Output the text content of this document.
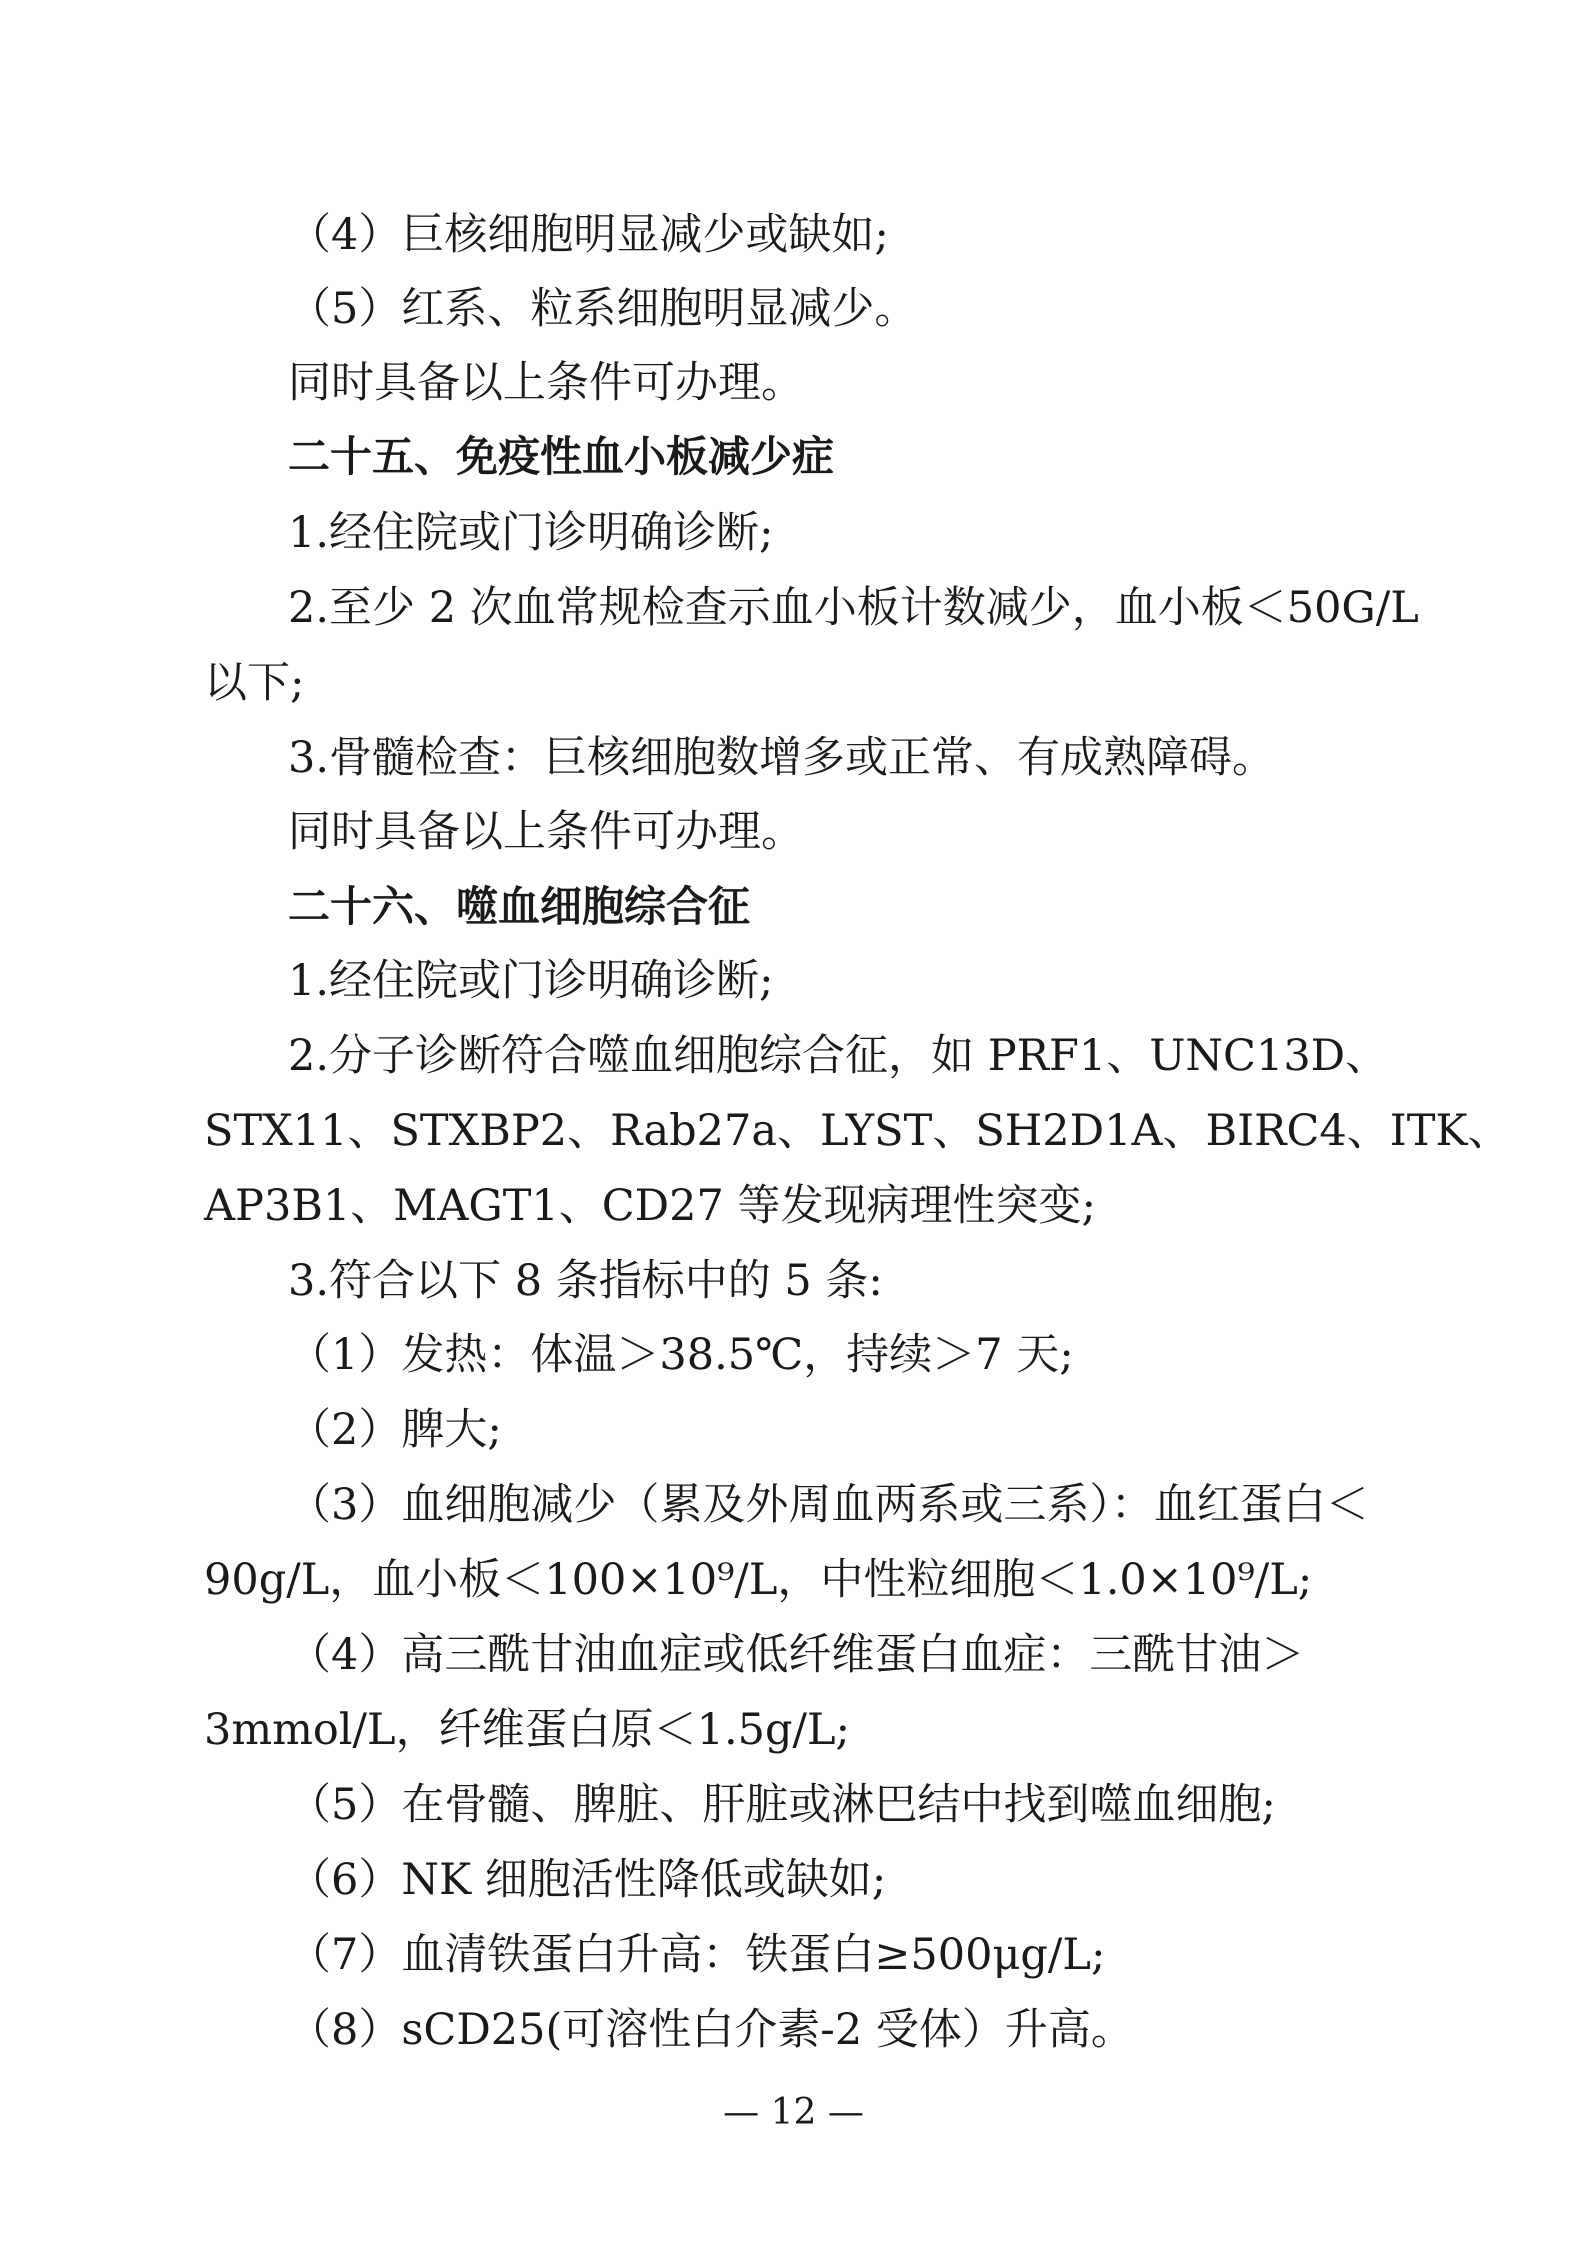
（4）巨核细胞明显减少或缺如;
（5）红系、粒系细胞明显减少。
同时具备以上条件可办理。
二十五、免疫性血小板减少症
1.经住院或门诊明确诊断;
2.至少 2 次血常规检查示血小板计数减少，血小板＜50G/L
以下;
3.骨髓检查：巨核细胞数增多或正常、有成熟障碍。
同时具备以上条件可办理。
二十六、噬血细胞综合征
1.经住院或门诊明确诊断;
2.分子诊断符合噬血细胞综合征，如 PRF1、UNC13D、
STX11、STXBP2、Rab27a、LYST、SH2D1A、BIRC4、ITK、
AP3B1、MAGT1、CD27 等发现病理性突变;
3.符合以下 8 条指标中的 5 条:
（1）发热：体温＞38.5℃，持续＞7 天;
（2）脾大;
（3）血细胞减少（累及外周血两系或三系）：血红蛋白＜
90g/L，血小板＜100×10⁹/L，中性粒细胞＜1.0×10⁹/L;
（4）高三酰甘油血症或低纤维蛋白血症：三酰甘油＞
3mmol/L，纤维蛋白原＜1.5g/L;
（5）在骨髓、脾脏、肝脏或淋巴结中找到噬血细胞;
（6）NK 细胞活性降低或缺如;
（7）血清铁蛋白升高：铁蛋白≥500μg/L;
（8）sCD25(可溶性白介素-2 受体）升高。
— 12 —
